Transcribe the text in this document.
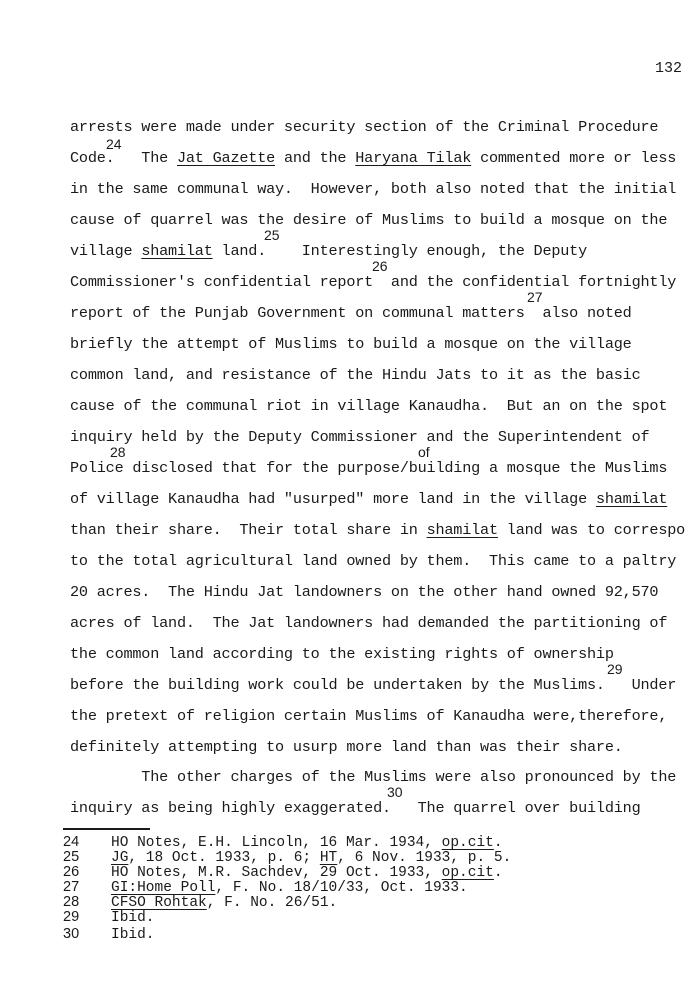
132
arrests were made under security section of the Criminal Procedure
24
Code.   The Jat Gazette and the Haryana Tilak commented more or less
in the same communal way.  However, both also noted that the initial
cause of quarrel was the desire of Muslims to build a mosque on the
25
village shamilat land.    Interestingly enough, the Deputy
26
Commissioner's confidential report  and the confidential fortnightly
27
report of the Punjab Government on communal matters  also noted
briefly the attempt of Muslims to build a mosque on the village
common land, and resistance of the Hindu Jats to it as the basic
cause of the communal riot in village Kanaudha.  But an on the spot
inquiry held by the Deputy Commissioner and the Superintendent of
28	of
Police disclosed that for the purpose/building a mosque the Muslims
of village Kanaudha had "usurped" more land in the village shamilat
than their share.  Their total share in shamilat land was to correspo
to the total agricultural land owned by them.  This came to a paltry
20 acres.  The Hindu Jat landowners on the other hand owned 92,570
acres of land.  The Jat landowners had demanded the partitioning of
the common land according to the existing rights of ownership
29
before the building work could be undertaken by the Muslims.   Under
the pretext of religion certain Muslims of Kanaudha were,therefore,
definitely attempting to usurp more land than was their share.
The other charges of the Muslims were also pronounced by the
30
inquiry as being highly exaggerated.   The quarrel over building
24 HO Notes, E.H. Lincoln, 16 Mar. 1934, op.cit.
25 JG, 18 Oct. 1933, p. 6; HT, 6 Nov. 1933, p. 5.
26 HO Notes, M.R. Sachdev, 29 Oct. 1933, op.cit.
27 GI:Home Poll, F. No. 18/10/33, Oct. 1933.
28 CFSO Rohtak, F. No. 26/51.
29 Ibid.
30 Ibid.
